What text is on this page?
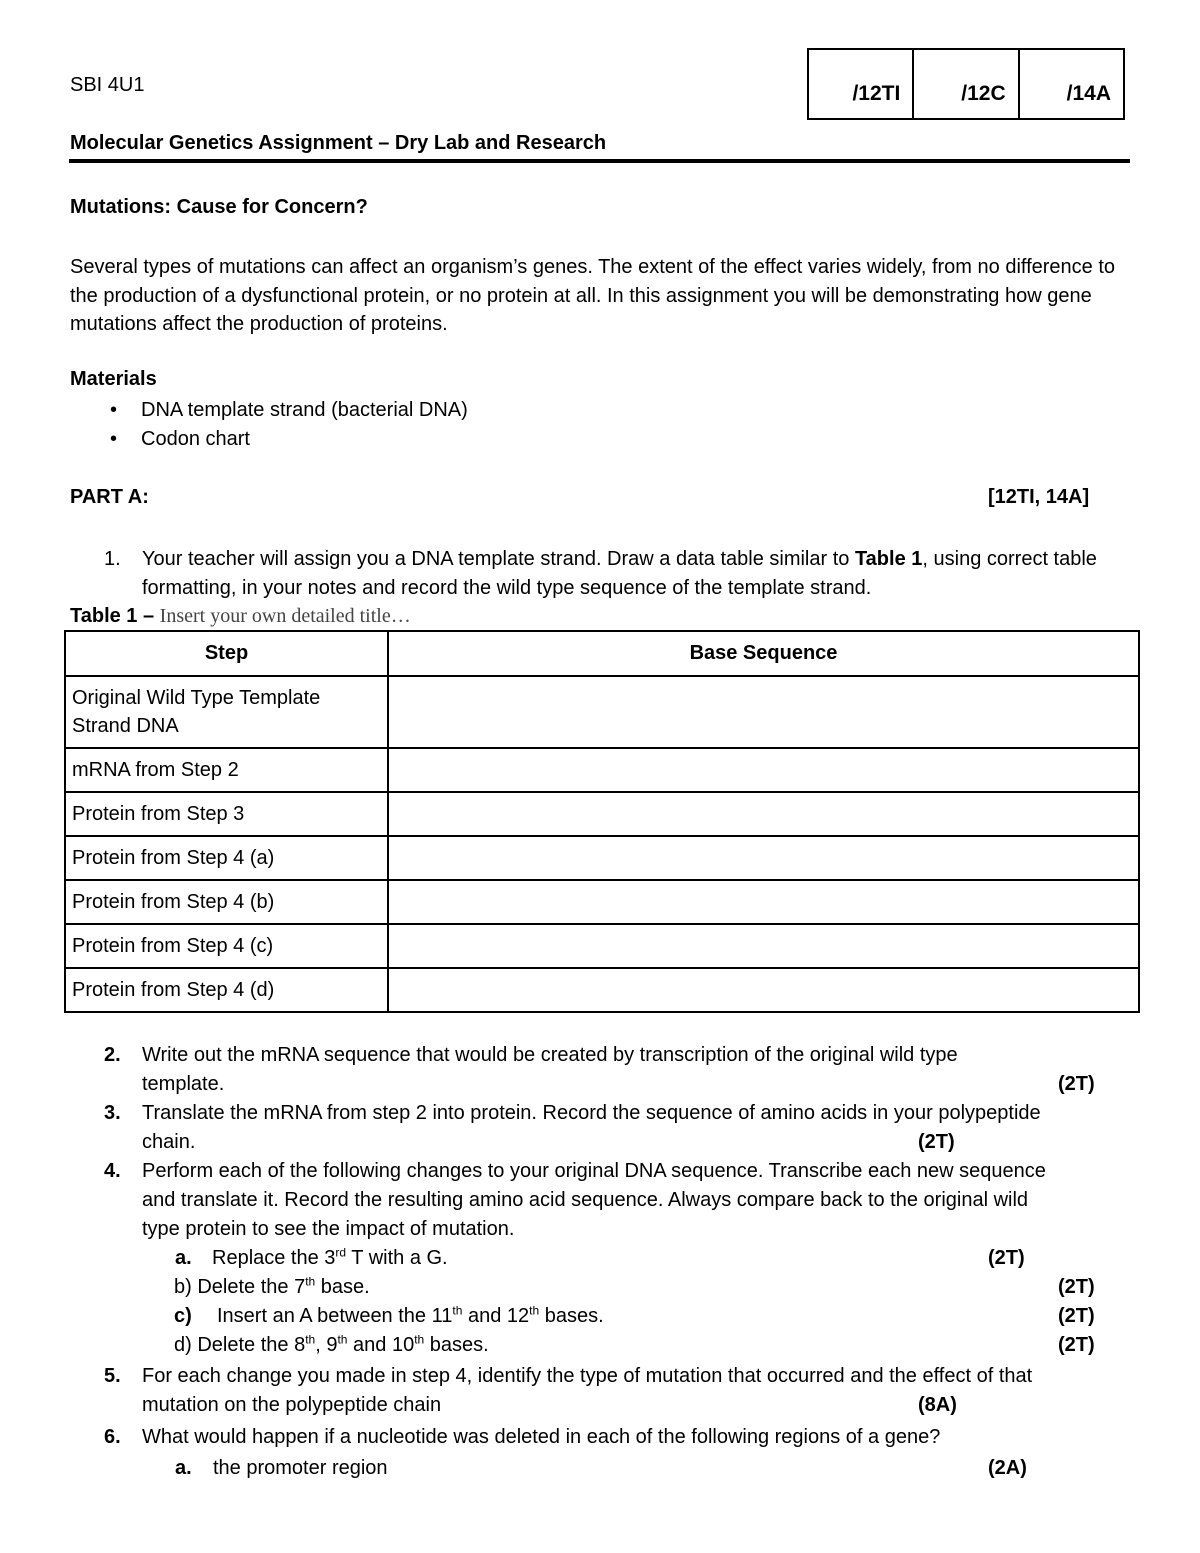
SBI 4U1	/12TI	/12C	/14A
Molecular Genetics Assignment – Dry Lab and Research
Mutations: Cause for Concern?
Several types of mutations can affect an organism’s genes. The extent of the effect varies widely, from no difference to the production of a dysfunctional protein, or no protein at all. In this assignment you will be demonstrating how gene mutations affect the production of proteins.
Materials
• DNA template strand (bacterial DNA)
• Codon chart
PART A:	[12TI, 14A]
1. Your teacher will assign you a DNA template strand. Draw a data table similar to Table 1, using correct table formatting, in your notes and record the wild type sequence of the template strand.
Table 1 – Insert your own detailed title…
Step	Base Sequence
Original Wild Type Template Strand DNA	
mRNA from Step 2	
Protein from Step 3	
Protein from Step 4 (a)	
Protein from Step 4 (b)	
Protein from Step 4 (c)	
Protein from Step 4 (d)	
2. Write out the mRNA sequence that would be created by transcription of the original wild type
template.	(2T)
3. Translate the mRNA from step 2 into protein. Record the sequence of amino acids in your polypeptide
chain.	(2T)
4. Perform each of the following changes to your original DNA sequence. Transcribe each new sequence
and translate it. Record the resulting amino acid sequence. Always compare back to the original wild
type protein to see the impact of mutation.
a. Replace the 3rd T with a G.	(2T)
b) Delete the 7th base.	(2T)
c) Insert an A between the 11th and 12th bases.	(2T)
d) Delete the 8th, 9th and 10th bases.	(2T)
5. For each change you made in step 4, identify the type of mutation that occurred and the effect of that
mutation on the polypeptide chain	(8A)
6. What would happen if a nucleotide was deleted in each of the following regions of a gene?
a. the promoter region	(2A)
